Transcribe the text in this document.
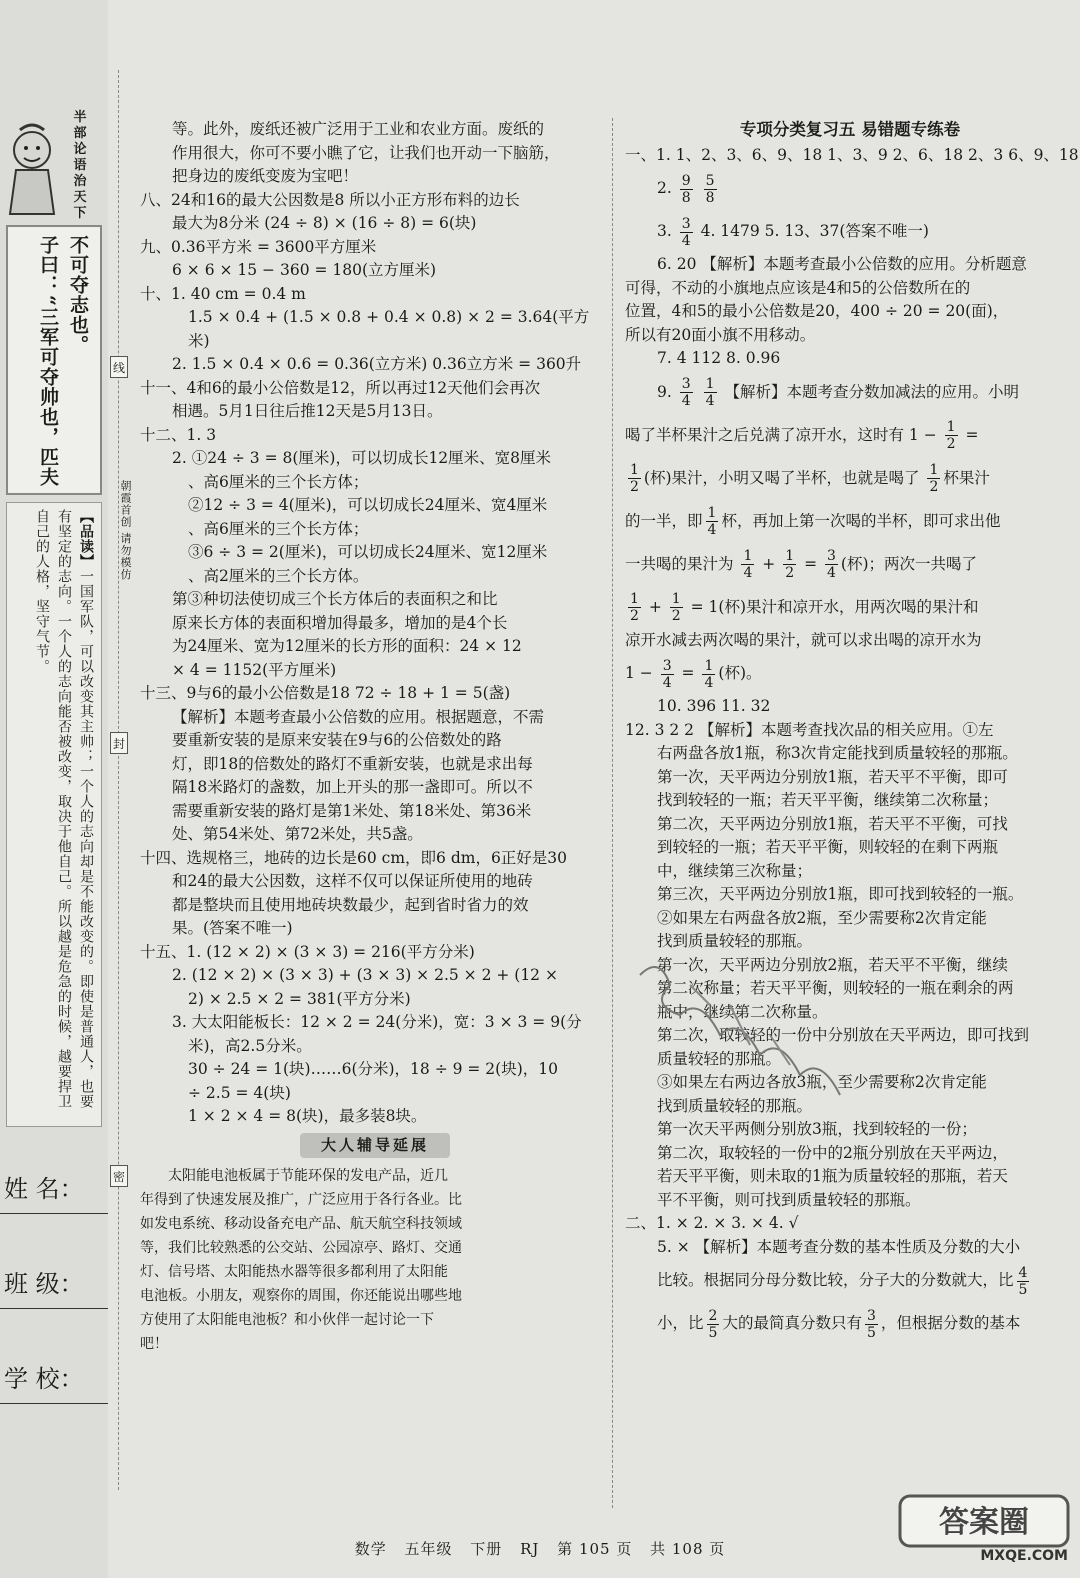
半
部
论
语
治
天
下
不可夺志也。
子曰：“三军可夺帅也，匹夫
【品读】一国军队，可以改变其主帅；一个人的志向却是不能改变的。即使是普通人，也要有坚定的志向。一个人的志向能否被改变，取决于他自己。所以越是危急的时候，越要捍卫自己的人格，坚守气节。
姓 名：
班 级：
学 校：
线
封
密
朝霞首创 请勿模仿
等。此外，废纸还被广泛用于工业和农业方面。废纸的
作用很大，你可不要小瞧了它，让我们也开动一下脑筋，
把身边的废纸变废为宝吧！
八、24和16的最大公因数是8 所以小正方形布料的边长
最大为8分米 (24 ÷ 8) × (16 ÷ 8) = 6(块)
九、0.36平方米 = 3600平方厘米
6 × 6 × 15 − 360 = 180(立方厘米)
十、1. 40 cm = 0.4 m
1.5 × 0.4 + (1.5 × 0.8 + 0.4 × 0.8) × 2 = 3.64(平方
米)
2. 1.5 × 0.4 × 0.6 = 0.36(立方米) 0.36立方米 = 360升
十一、4和6的最小公倍数是12，所以再过12天他们会再次
相遇。5月1日往后推12天是5月13日。
十二、1. 3
2. ①24 ÷ 3 = 8(厘米)，可以切成长12厘米、宽8厘米
、高6厘米的三个长方体；
②12 ÷ 3 = 4(厘米)，可以切成长24厘米、宽4厘米
、高6厘米的三个长方体；
③6 ÷ 3 = 2(厘米)，可以切成长24厘米、宽12厘米
、高2厘米的三个长方体。
第③种切法使切成三个长方体后的表面积之和比
原来长方体的表面积增加得最多，增加的是4个长
为24厘米、宽为12厘米的长方形的面积：24 × 12
× 4 = 1152(平方厘米)
十三、9与6的最小公倍数是18 72 ÷ 18 + 1 = 5(盏)
【解析】本题考查最小公倍数的应用。根据题意，不需
要重新安装的是原来安装在9与6的公倍数处的路
灯，即18的倍数处的路灯不重新安装，也就是求出每
隔18米路灯的盏数，加上开头的那一盏即可。所以不
需要重新安装的路灯是第1米处、第18米处、第36米
处、第54米处、第72米处，共5盏。
十四、选规格三，地砖的边长是60 cm，即6 dm，6正好是30
和24的最大公因数，这样不仅可以保证所使用的地砖
都是整块而且使用地砖块数最少，起到省时省力的效
果。(答案不唯一)
十五、1. (12 × 2) × (3 × 3) = 216(平方分米)
2. (12 × 2) × (3 × 3) + (3 × 3) × 2.5 × 2 + (12 ×
2) × 2.5 × 2 = 381(平方分米)
3. 大太阳能板长：12 × 2 = 24(分米)，宽：3 × 3 = 9(分
米)，高2.5分米。
30 ÷ 24 = 1(块)……6(分米)，18 ÷ 9 = 2(块)，10
÷ 2.5 = 4(块)
1 × 2 × 4 = 8(块)，最多装8块。
大人辅导延展
　　太阳能电池板属于节能环保的发电产品，近几
年得到了快速发展及推广，广泛应用于各行各业。比
如发电系统、移动设备充电产品、航天航空科技领域
等，我们比较熟悉的公交站、公园凉亭、路灯、交通
灯、信号塔、太阳能热水器等很多都利用了太阳能
电池板。小朋友，观察你的周围，你还能说出哪些地
方使用了太阳能电池板？和小伙伴一起讨论一下
吧！
专项分类复习五 易错题专练卷
一、1. 1、2、3、6、9、18 1、3、9 2、6、18 2、3 6、9、18
2. $\frac{9}{8}$
$\frac{5}{8}$
3. $\frac{3}{4} 4$. 1479 5. 13、37(答案不唯一)
6. 20 【解析】本题考查最小公倍数的应用。分析题意
可得，不动的小旗地点应该是4和5的公倍数所在的
位置，4和5的最小公倍数是20，400 ÷ 20 = 20(面)，
所以有20面小旗不用移动。
7. 4 112 8. 0.96
9. $\frac{3}{4}$
$\frac{1}{4}$ 【解析】本题考查分数加减法的应用。小明
喝了半杯果汁之后兑满了凉开水，这时有 $1 - \frac{1}{2}$ =
$\frac{1}{2}$ (杯)果汁，小明又喝了半杯，也就是喝了 $\frac{1}{2}$ 杯果汁
的一半，即 $\frac{1}{4}$ 杯，再加上第一次喝的半杯，即可求出他
一共喝的果汁为 $\frac{1}{4} + \frac{1}{2} = \frac{3}{4}$ (杯)；两次一共喝了
$\frac{1}{2} + \frac{1}{2} = 1$(杯)果汁和凉开水，用两次喝的果汁和
凉开水减去两次喝的果汁，就可以求出喝的凉开水为
$1 - \frac{3}{4} = \frac{1}{4}$ (杯)。
10. 396 11. 32
12. 3 2 2 【解析】本题考查找次品的相关应用。①左
右两盘各放1瓶，称3次肯定能找到质量较轻的那瓶。
第一次，天平两边分别放1瓶，若天平不平衡，即可
找到较轻的一瓶；若天平平衡，继续第二次称量；
第二次，天平两边分别放1瓶，若天平不平衡，可找
到较轻的一瓶；若天平平衡，则较轻的在剩下两瓶
中，继续第三次称量；
第三次，天平两边分别放1瓶，即可找到较轻的一瓶。
②如果左右两盘各放2瓶，至少需要称2次肯定能
找到质量较轻的那瓶。
第一次，天平两边分别放2瓶，若天平不平衡，继续
第二次称量；若天平平衡，则较轻的一瓶在剩余的两
瓶中，继续第二次称量。
第二次，取较轻的一份中分别放在天平两边，即可找到
质量较轻的那瓶。
③如果左右两边各放3瓶，至少需要称2次肯定能
找到质量较轻的那瓶。
第一次天平两侧分别放3瓶，找到较轻的一份；
第二次，取较轻的一份中的2瓶分别放在天平两边，
若天平平衡，则未取的1瓶为质量较轻的那瓶，若天
平不平衡，则可找到质量较轻的那瓶。
二、1. × 2. × 3. × 4. √
5. × 【解析】本题考查分数的基本性质及分数的大小
比较。根据同分母分数比较，分子大的分数就大，比 $\frac{4}{5}$
小，比 $\frac{2}{5}$ 大的最简真分数只有 $\frac{3}{5}$ ，但根据分数的基本
数学 五年级 下册 RJ 第 105 页 共 108 页
答案圈
MXQE.COM
